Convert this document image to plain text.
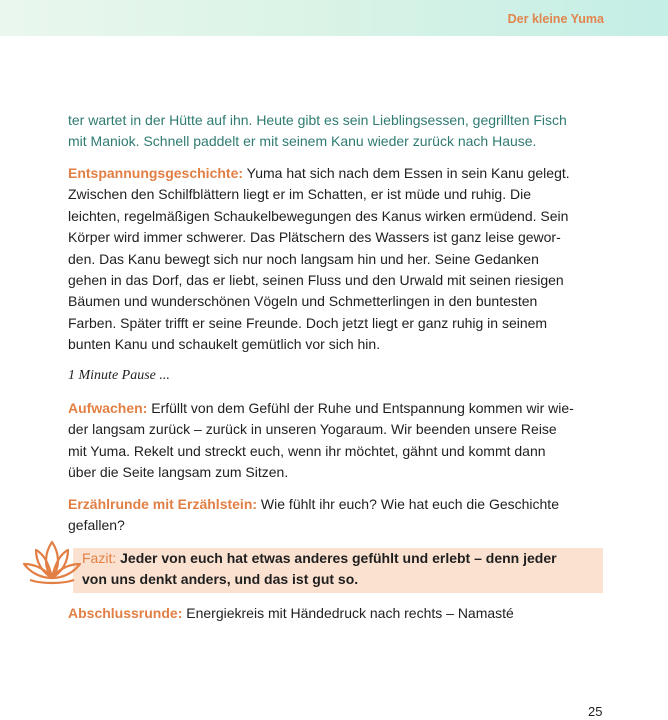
Der kleine Yuma
ter wartet in der Hütte auf ihn. Heute gibt es sein Lieblingsessen, gegrillten Fisch
mit Maniok. Schnell paddelt er mit seinem Kanu wieder zurück nach Hause.
Entspannungsgeschichte: Yuma hat sich nach dem Essen in sein Kanu gelegt.
Zwischen den Schilfblättern liegt er im Schatten, er ist müde und ruhig. Die
leichten, regelmäßigen Schaukelbewegungen des Kanus wirken ermüdend. Sein
Körper wird immer schwerer. Das Plätschern des Wassers ist ganz leise gewor-
den. Das Kanu bewegt sich nur noch langsam hin und her. Seine Gedanken
gehen in das Dorf, das er liebt, seinen Fluss und den Urwald mit seinen riesigen
Bäumen und wunderschönen Vögeln und Schmetterlingen in den buntesten
Farben. Später trifft er seine Freunde. Doch jetzt liegt er ganz ruhig in seinem
bunten Kanu und schaukelt gemütlich vor sich hin.
1 Minute Pause ...
Aufwachen: Erfüllt von dem Gefühl der Ruhe und Entspannung kommen wir wie-
der langsam zurück – zurück in unseren Yogaraum. Wir beenden unsere Reise
mit Yuma. Rekelt und streckt euch, wenn ihr möchtet, gähnt und kommt dann
über die Seite langsam zum Sitzen.
Erzählrunde mit Erzählstein: Wie fühlt ihr euch? Wie hat euch die Geschichte
gefallen?
Fazit: Jeder von euch hat etwas anderes gefühlt und erlebt – denn jeder
von uns denkt anders, und das ist gut so.
Abschlussrunde: Energiekreis mit Händedruck nach rechts – Namasté
25
